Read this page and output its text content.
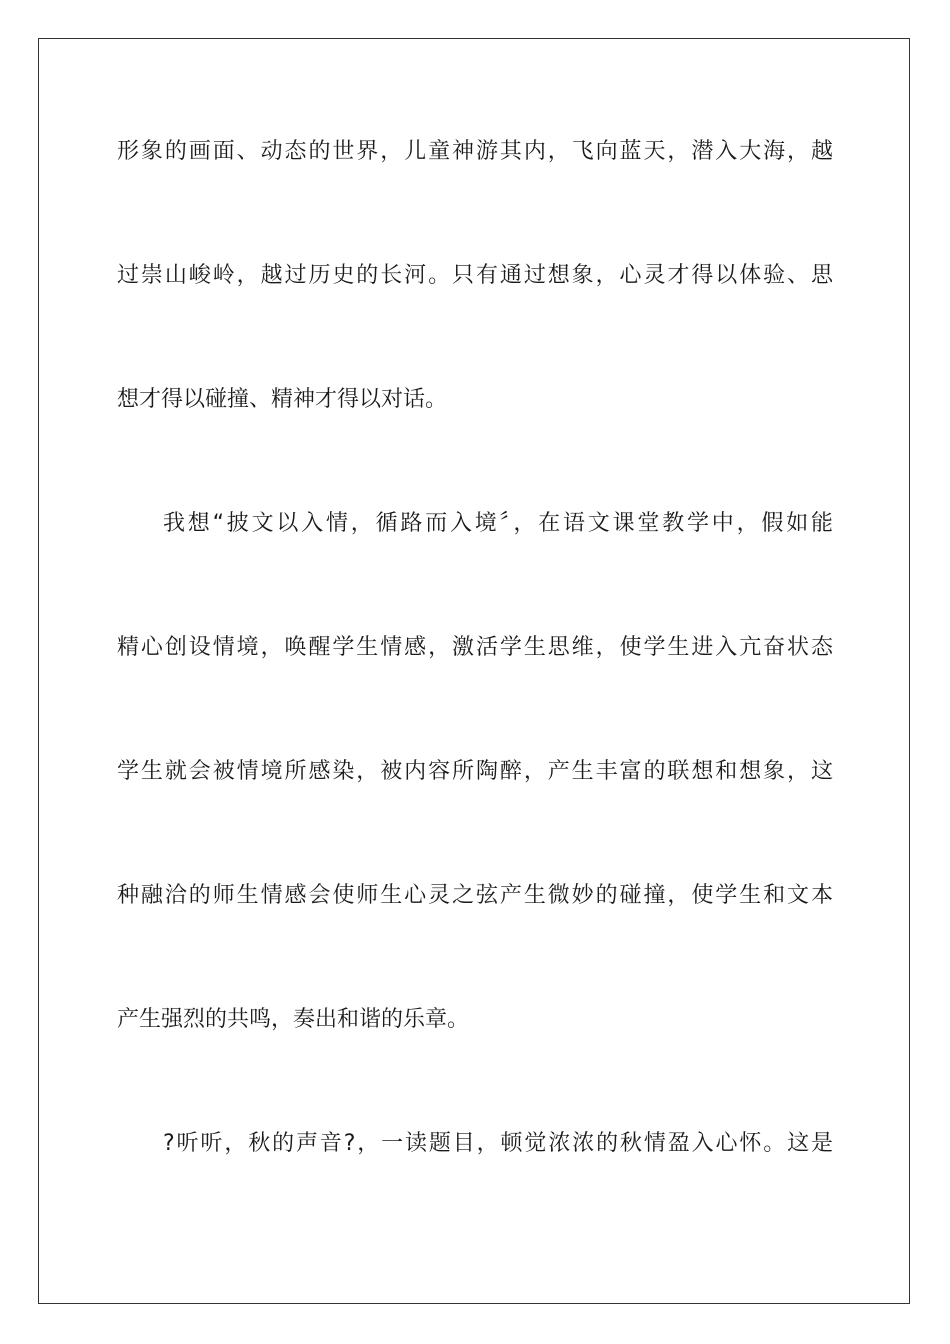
形象的画面、动态的世界，儿童神游其内，飞向蓝天，潜入大海，越
过崇山峻岭，越过历史的长河。只有通过想象，心灵才得以体验、思
想才得以碰撞、精神才得以对话。
我想“披文以入情，循路而入境〞，在语文课堂教学中，假如能
精心创设情境，唤醒学生情感，激活学生思维，使学生进入亢奋状态
学生就会被情境所感染，被内容所陶醉，产生丰富的联想和想象，这
种融洽的师生情感会使师生心灵之弦产生微妙的碰撞，使学生和文本
产生强烈的共鸣，奏出和谐的乐章。
?听听，秋的声音?，一读题目，顿觉浓浓的秋情盈入心怀。这是
